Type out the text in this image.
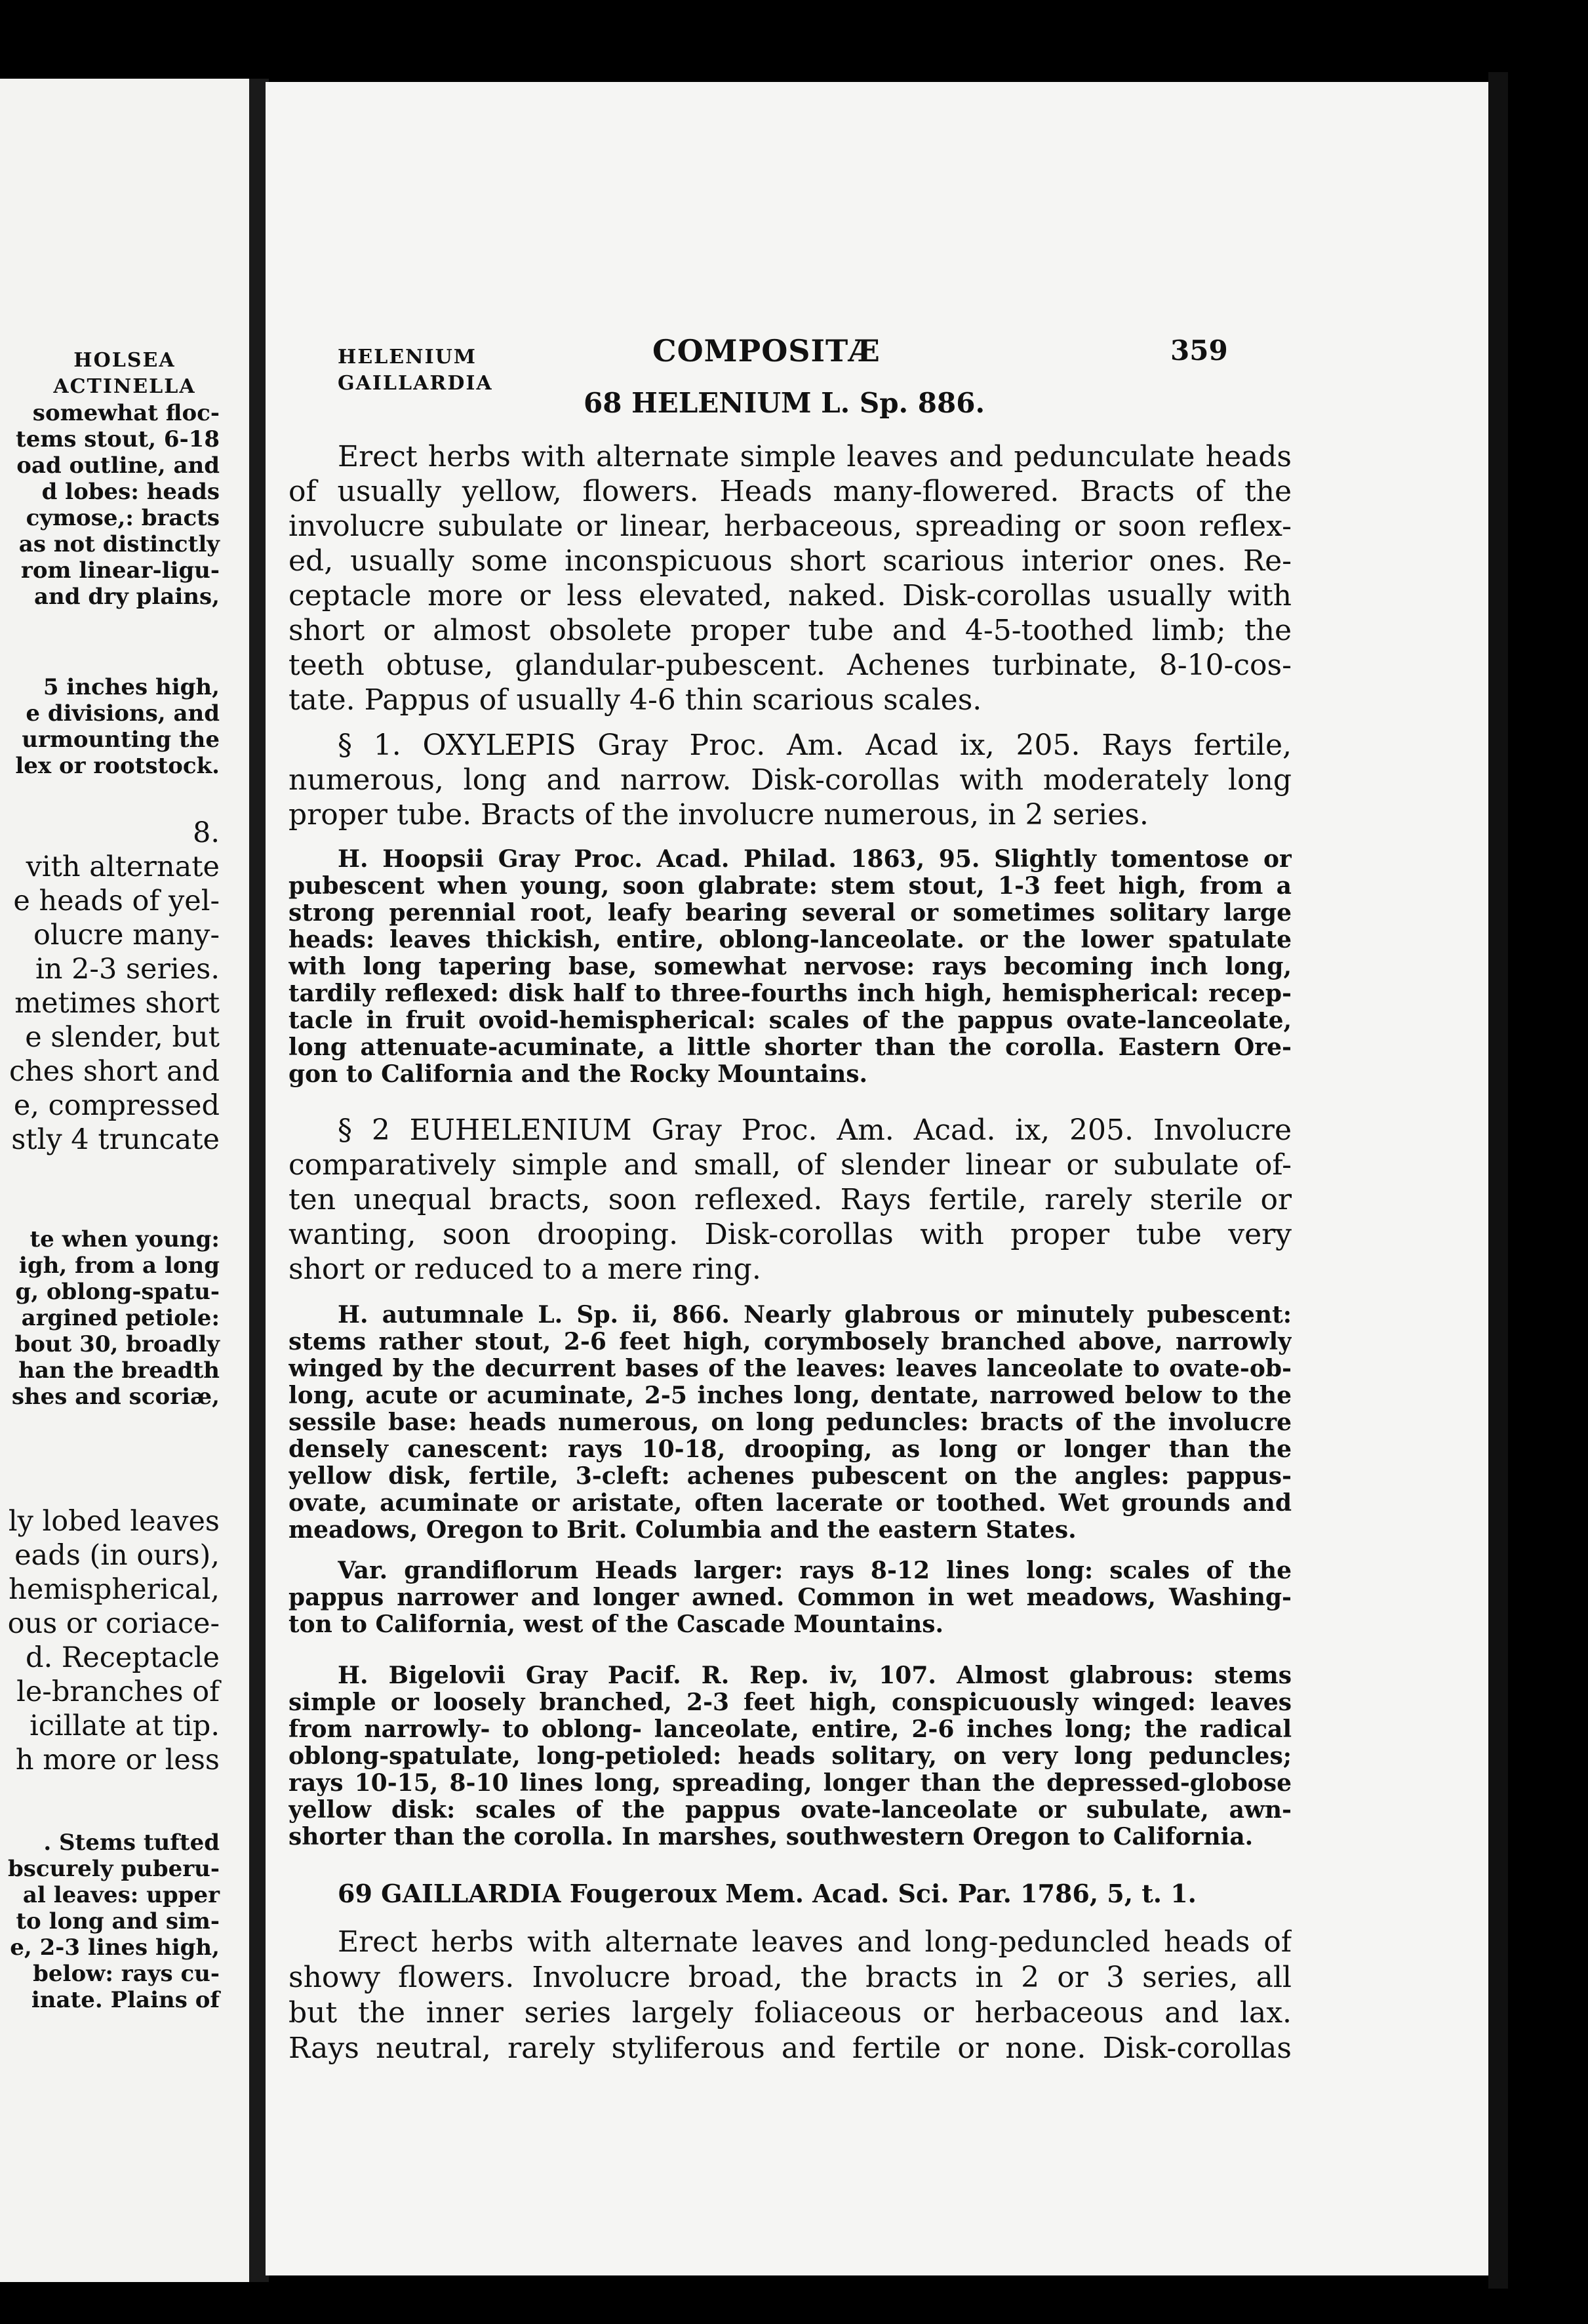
HOLSEA
ACTINELLA
somewhat floc-
tems stout, 6-18
oad outline, and
d lobes: heads
cymose,: bracts
as not distinctly
rom linear-ligu-
and dry plains,
5 inches high,
e divisions, and
urmounting the
lex or rootstock.
8.
vith alternate
e heads of yel-
olucre many-
in 2-3 series.
metimes short
e slender, but
ches short and
e, compressed
stly 4 truncate
te when young:
igh, from a long
g, oblong-spatu-
argined petiole:
bout 30, broadly
han the breadth
shes and scoriæ,
ly lobed leaves
eads (in ours),
hemispherical,
ous or coriace-
d. Receptacle
le-branches of
icillate at tip.
h more or less
. Stems tufted
bscurely puberu-
al leaves: upper
to long and sim-
e, 2-3 lines high,
below: rays cu-
inate. Plains of
HELENIUM
GAILLARDIA
COMPOSITÆ	359
68 HELENIUM L. Sp. 886.
Erect herbs with alternate simple leaves and pedunculate heads
of usually yellow, flowers. Heads many-flowered. Bracts of the
involucre subulate or linear, herbaceous, spreading or soon reflex-
ed, usually some inconspicuous short scarious interior ones. Re-
ceptacle more or less elevated, naked. Disk-corollas usually with
short or almost obsolete proper tube and 4-5-toothed limb; the
teeth obtuse, glandular-pubescent. Achenes turbinate, 8-10-cos-
tate. Pappus of usually 4-6 thin scarious scales.
§ 1. OXYLEPIS Gray Proc. Am. Acad ix, 205. Rays fertile,
numerous, long and narrow. Disk-corollas with moderately long
proper tube. Bracts of the involucre numerous, in 2 series.
H. Hoopsii Gray Proc. Acad. Philad. 1863, 95. Slightly tomentose or
pubescent when young, soon glabrate: stem stout, 1-3 feet high, from a
strong perennial root, leafy bearing several or sometimes solitary large
heads: leaves thickish, entire, oblong-lanceolate. or the lower spatulate
with long tapering base, somewhat nervose: rays becoming inch long,
tardily reflexed: disk half to three-fourths inch high, hemispherical: recep-
tacle in fruit ovoid-hemispherical: scales of the pappus ovate-lanceolate,
long attenuate-acuminate, a little shorter than the corolla. Eastern Ore-
gon to California and the Rocky Mountains.
§ 2 EUHELENIUM Gray Proc. Am. Acad. ix, 205. Involucre
comparatively simple and small, of slender linear or subulate of-
ten unequal bracts, soon reflexed. Rays fertile, rarely sterile or
wanting, soon drooping. Disk-corollas with proper tube very
short or reduced to a mere ring.
H. autumnale L. Sp. ii, 866. Nearly glabrous or minutely pubescent:
stems rather stout, 2-6 feet high, corymbosely branched above, narrowly
winged by the decurrent bases of the leaves: leaves lanceolate to ovate-ob-
long, acute or acuminate, 2-5 inches long, dentate, narrowed below to the
sessile base: heads numerous, on long peduncles: bracts of the involucre
densely canescent: rays 10-18, drooping, as long or longer than the
yellow disk, fertile, 3-cleft: achenes pubescent on the angles: pappus-
ovate, acuminate or aristate, often lacerate or toothed. Wet grounds and
meadows, Oregon to Brit. Columbia and the eastern States.
Var. grandiflorum Heads larger: rays 8-12 lines long: scales of the
pappus narrower and longer awned. Common in wet meadows, Washing-
ton to California, west of the Cascade Mountains.
H. Bigelovii Gray Pacif. R. Rep. iv, 107. Almost glabrous: stems
simple or loosely branched, 2-3 feet high, conspicuously winged: leaves
from narrowly- to oblong- lanceolate, entire, 2-6 inches long; the radical
oblong-spatulate, long-petioled: heads solitary, on very long peduncles;
rays 10-15, 8-10 lines long, spreading, longer than the depressed-globose
yellow disk: scales of the pappus ovate-lanceolate or subulate, awn-
shorter than the corolla. In marshes, southwestern Oregon to California.
69 GAILLARDIA Fougeroux Mem. Acad. Sci. Par. 1786, 5, t. 1.
Erect herbs with alternate leaves and long-peduncled heads of
showy flowers. Involucre broad, the bracts in 2 or 3 series, all
but the inner series largely foliaceous or herbaceous and lax.
Rays neutral, rarely styliferous and fertile or none. Disk-corollas
